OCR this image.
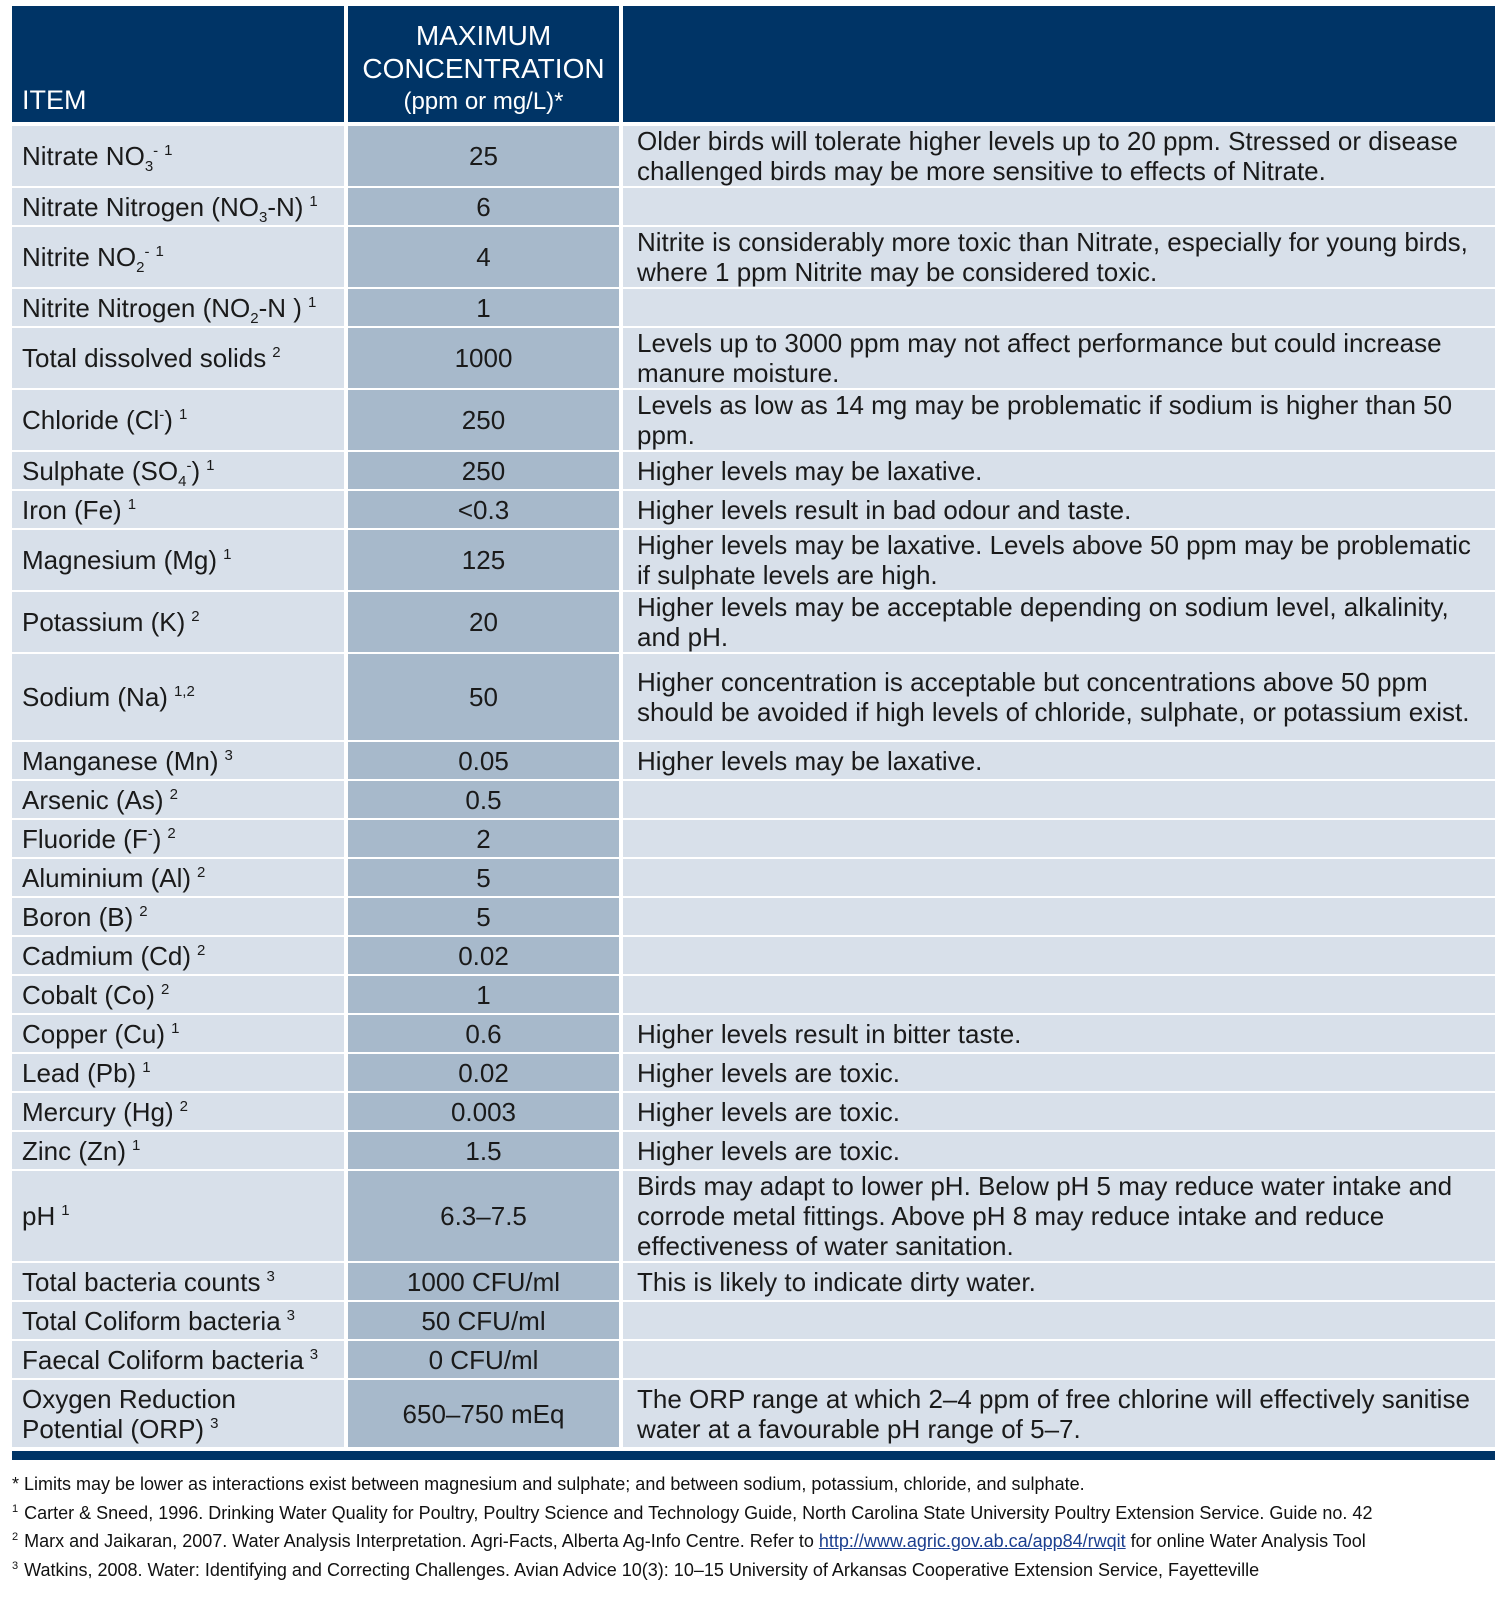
ITEM	MAXIMUM
CONCENTRATION
(ppm or mg/L)*	

Nitrate $NO_3^-$ $^1$	25	Older birds will tolerate higher levels up to 20 ppm. Stressed or disease challenged birds may be more sensitive to effects of Nitrate.
Nitrate Nitrogen $(NO_3-N)$ $^1$	6	
Nitrite $NO_2^-$ $^1$	4	Nitrite is considerably more toxic than Nitrate, especially for young birds, where 1 ppm Nitrite may be considered toxic.
Nitrite Nitrogen ($NO_2-N$ ) $^1$	1	
Total dissolved solids $^2$	1000	Levels up to 3000 ppm may not affect performance but could increase manure moisture.
Chloride (Cl-) $^1$	250	Levels as low as 14 mg may be problematic if sodium is higher than 50 ppm.
Sulphate $(SO_4^-)$ $^1$	250	Higher levels may be laxative.
Iron (Fe) $^1$	<0.3	Higher levels result in bad odour and taste.
Magnesium (Mg) $^1$	125	Higher levels may be laxative. Levels above 50 ppm may be problematic if sulphate levels are high.
Potassium (K) $^2$	20	Higher levels may be acceptable depending on sodium level, alkalinity, and pH.
Sodium (Na) $^{1,2}$	50	Higher concentration is acceptable but concentrations above 50 ppm should be avoided if high levels of chloride, sulphate, or potassium exist.
Manganese (Mn) $^3$	0.05	Higher levels may be laxative.
Arsenic (As) $^2$	0.5	
Fluoride (F-) $^2$	2	
Aluminium (Al) $^2$	5	
Boron (B) $^2$	5	
Cadmium (Cd) $^2$	0.02	
Cobalt (Co) $^2$	1	
Copper (Cu) $^1$	0.6	Higher levels result in bitter taste.
Lead (Pb) $^1$	0.02	Higher levels are toxic.
Mercury (Hg) $^2$	0.003	Higher levels are toxic.
Zinc (Zn) $^1$	1.5	Higher levels are toxic.
pH $^1$	6.3–7.5	Birds may adapt to lower pH. Below pH 5 may reduce water intake and corrode metal fittings. Above pH 8 may reduce intake and reduce effectiveness of water sanitation.
Total bacteria counts $^3$	1000 CFU/ml	This is likely to indicate dirty water.
Total Coliform bacteria $^3$	50 CFU/ml	
Faecal Coliform bacteria $^3$	0 CFU/ml	
Oxygen Reduction Potential (ORP) $^3$	650–750 mEq	The ORP range at which 2–4 ppm of free chlorine will effectively sanitise water at a favourable pH range of 5–7.
* Limits may be lower as interactions exist between magnesium and sulphate; and between sodium, potassium, chloride, and sulphate.
$^1$ Carter & Sneed, 1996. Drinking Water Quality for Poultry, Poultry Science and Technology Guide, North Carolina State University Poultry Extension Service. Guide no. 42
$^2$ Marx and Jaikaran, 2007. Water Analysis Interpretation. Agri-Facts, Alberta Ag-Info Centre. Refer to http://www.agric.gov.ab.ca/app84/rwqit for online Water Analysis Tool
$^3$ Watkins, 2008. Water: Identifying and Correcting Challenges. Avian Advice 10(3): 10–15 University of Arkansas Cooperative Extension Service, Fayetteville
